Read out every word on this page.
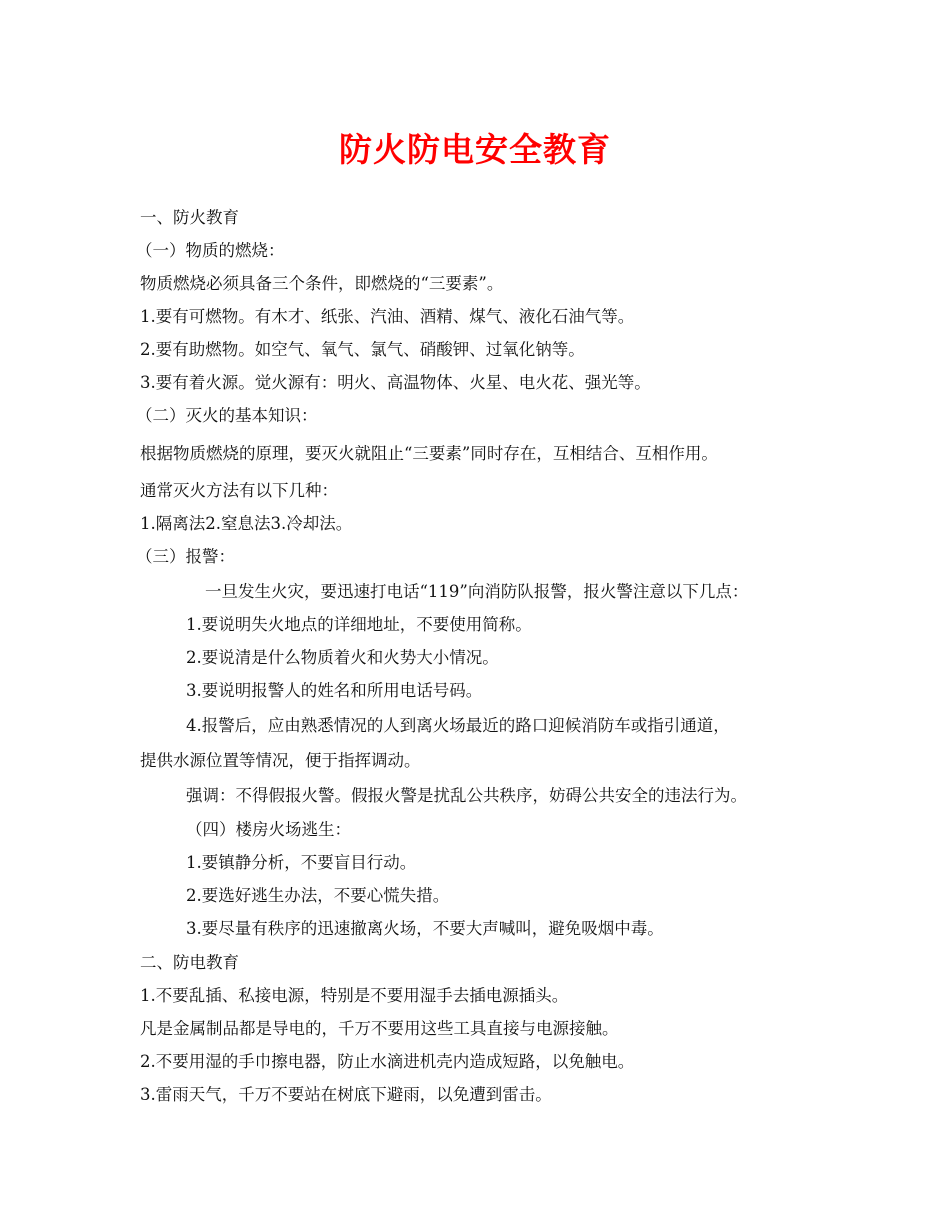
防火防电安全教育

一、防火教育

（一）物质的燃烧：

物质燃烧必须具备三个条件，即燃烧的“三要素”。

1.要有可燃物。有木才、纸张、汽油、酒精、煤气、液化石油气等。

2.要有助燃物。如空气、氧气、氯气、硝酸钾、过氧化钠等。

3.要有着火源。觉火源有：明火、高温物体、火星、电火花、强光等。

（二）灭火的基本知识：

根据物质燃烧的原理，要灭火就阻止“三要素”同时存在，互相结合、互相作用。

通常灭火方法有以下几种：

1.隔离法2.窒息法3.冷却法。

（三）报警：

一旦发生火灾，要迅速打电话“119”向消防队报警，报火警注意以下几点：

1.要说明失火地点的详细地址，不要使用简称。

2.要说清是什么物质着火和火势大小情况。

3.要说明报警人的姓名和所用电话号码。

4.报警后，应由熟悉情况的人到离火场最近的路口迎候消防车或指引通道，

提供水源位置等情况，便于指挥调动。

强调：不得假报火警。假报火警是扰乱公共秩序，妨碍公共安全的违法行为。

（四）楼房火场逃生：

1.要镇静分析，不要盲目行动。

2.要选好逃生办法，不要心慌失措。

3.要尽量有秩序的迅速撤离火场，不要大声喊叫，避免吸烟中毒。

二、防电教育

1.不要乱插、私接电源，特别是不要用湿手去插电源插头。

凡是金属制品都是导电的，千万不要用这些工具直接与电源接触。

2.不要用湿的手巾擦电器，防止水滴进机壳内造成短路，以免触电。

3.雷雨天气，千万不要站在树底下避雨，以免遭到雷击。
